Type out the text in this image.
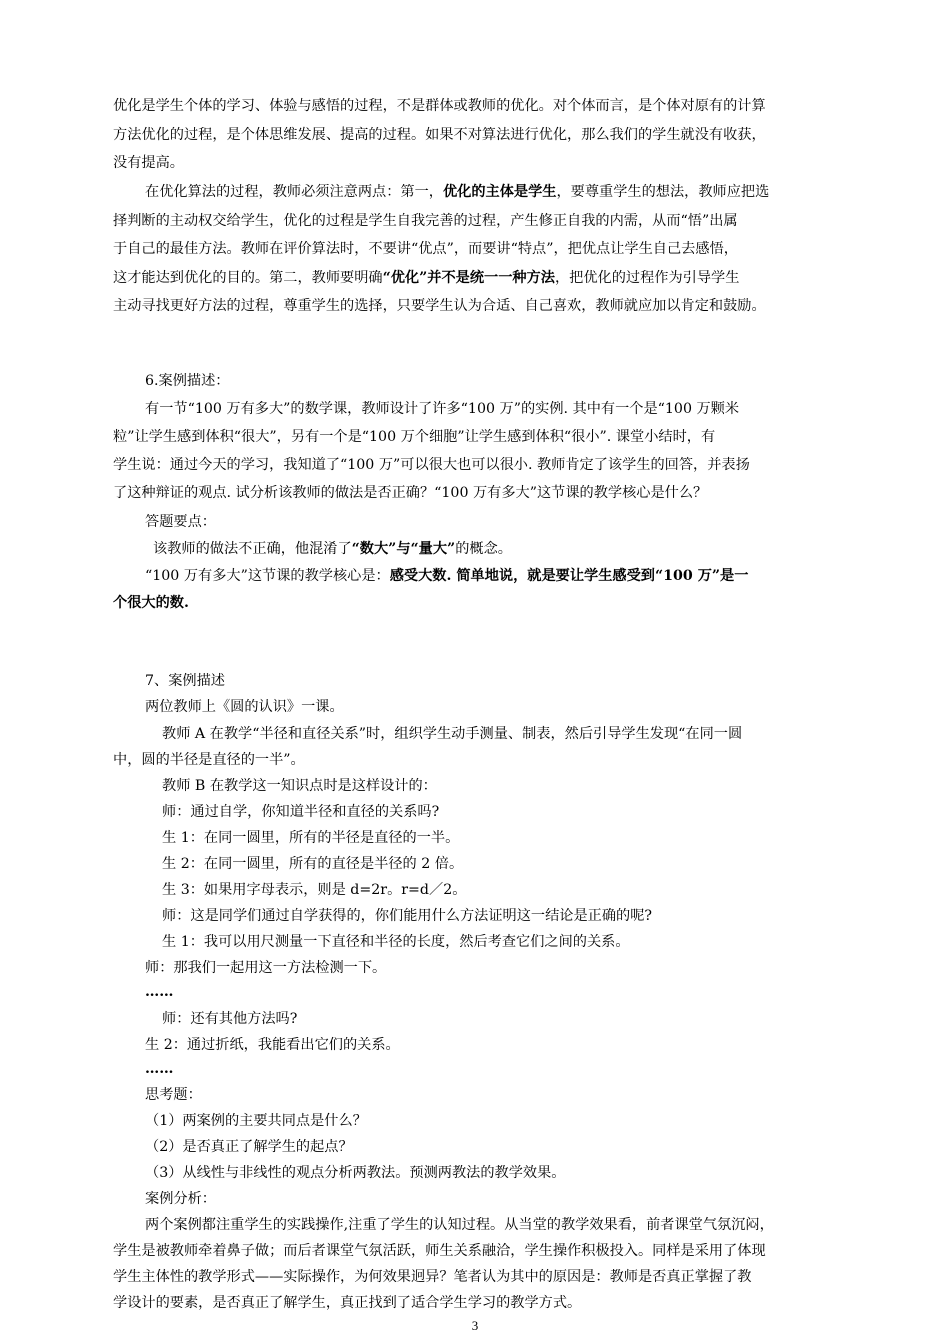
优化是学生个体的学习、体验与感悟的过程，不是群体或教师的优化。对个体而言，是个体对原有的计算
方法优化的过程，是个体思维发展、提高的过程。如果不对算法进行优化，那么我们的学生就没有收获，
没有提高。
在优化算法的过程，教师必须注意两点：第一，优化的主体是学生，要尊重学生的想法，教师应把选
择判断的主动权交给学生，优化的过程是学生自我完善的过程，产生修正自我的内需，从而“悟”出属
于自己的最佳方法。教师在评价算法时，不要讲“优点”，而要讲“特点”，把优点让学生自己去感悟，
这才能达到优化的目的。第二，教师要明确“优化”并不是统一一种方法，把优化的过程作为引导学生
主动寻找更好方法的过程，尊重学生的选择，只要学生认为合适、自己喜欢，教师就应加以肯定和鼓励。
6.案例描述：
有一节“100 万有多大”的数学课，教师设计了许多“100 万”的实例. 其中有一个是“100 万颗米
粒”让学生感到体积“很大”，另有一个是“100 万个细胞”让学生感到体积“很小”. 课堂小结时，有
学生说：通过今天的学习，我知道了“100 万”可以很大也可以很小. 教师肯定了该学生的回答，并表扬
了这种辩证的观点. 试分析该教师的做法是否正确？“100 万有多大”这节课的教学核心是什么？
答题要点：
该教师的做法不正确，他混淆了“数大”与“量大”的概念。
“100 万有多大”这节课的教学核心是：感受大数. 简单地说，就是要让学生感受到“100 万”是一
个很大的数.
7、案例描述
两位教师上《圆的认识》一课。
教师 A 在教学“半径和直径关系”时，组织学生动手测量、制表，然后引导学生发现“在同一圆
中，圆的半径是直径的一半”。
教师 B 在教学这一知识点时是这样设计的：
师：通过自学，你知道半径和直径的关系吗?
生 1：在同一圆里，所有的半径是直径的一半。
生 2：在同一圆里，所有的直径是半径的 2 倍。
生 3：如果用字母表示，则是 d=2r。r=d／2。
师：这是同学们通过自学获得的，你们能用什么方法证明这一结论是正确的呢?
生 1：我可以用尺测量一下直径和半径的长度，然后考查它们之间的关系。
师：那我们一起用这一方法检测一下。
……
师：还有其他方法吗?
生 2：通过折纸，我能看出它们的关系。
……
思考题：
（1）两案例的主要共同点是什么？
（2）是否真正了解学生的起点？
（3）从线性与非线性的观点分析两教法。预测两教法的教学效果。
案例分析：
两个案例都注重学生的实践操作,注重了学生的认知过程。从当堂的教学效果看，前者课堂气氛沉闷，
学生是被教师牵着鼻子做；而后者课堂气氛活跃，师生关系融洽，学生操作积极投入。同样是采用了体现
学生主体性的教学形式——实际操作，为何效果迥异？笔者认为其中的原因是：教师是否真正掌握了教
学设计的要素，是否真正了解学生，真正找到了适合学生学习的教学方式。
3
